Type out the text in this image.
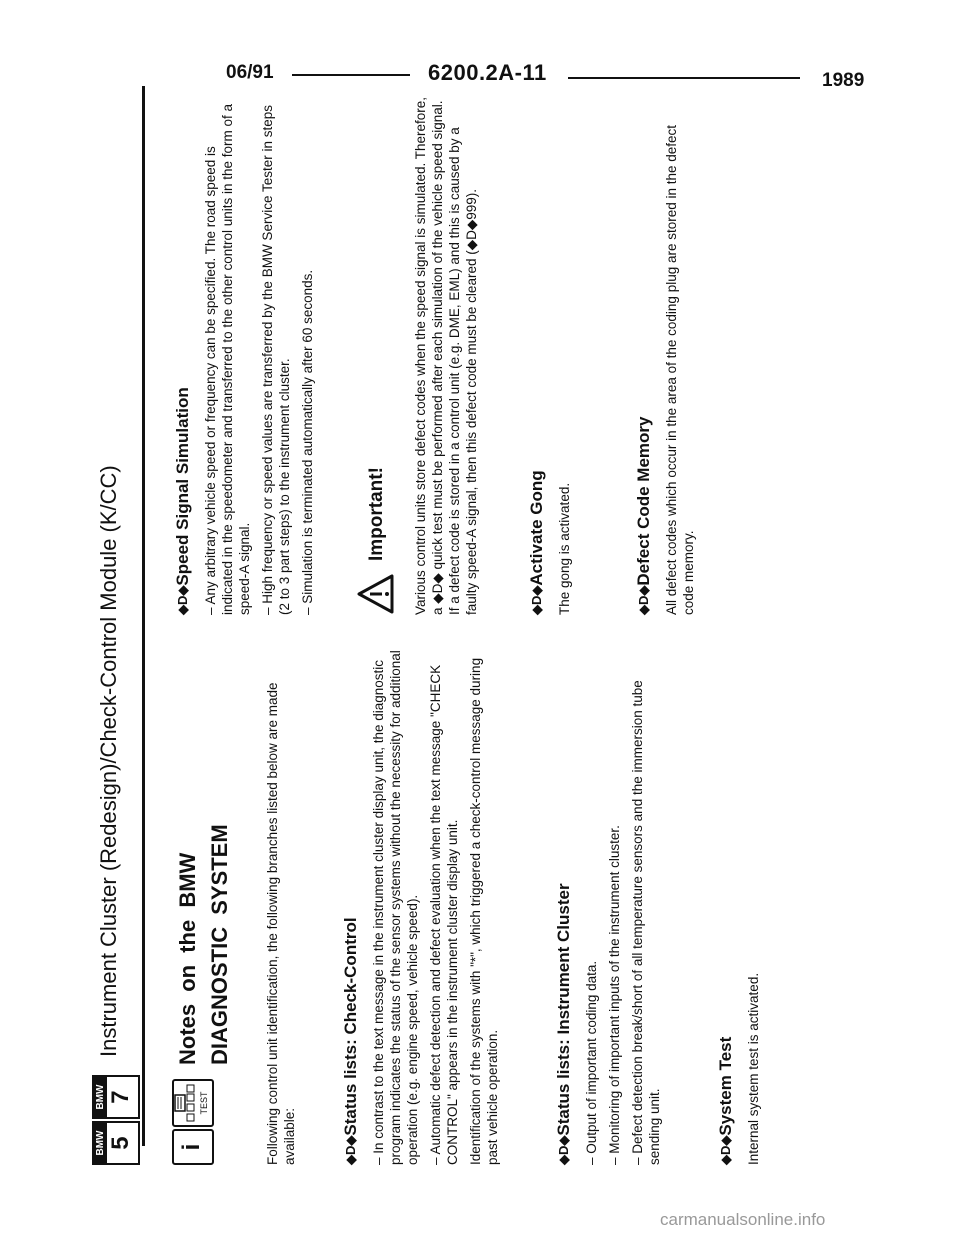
06/91	6200.2A-11	1989
BMW 5
BMW 7
Instrument Cluster (Redesign)/Check-Control Module (K/CC)
i
TEST
Notes on the BMW DIAGNOSTIC SYSTEM Following control unit identification, the following branches listed below are made available:	◆D◆Status lists: Check-Control – In contrast to the text message in the instrument cluster display unit, the diagnostic program indicates the status of the sensor systems without the necessity for additional operation (e.g. engine speed, vehicle speed). – Automatic defect detection and defect evaluation when the text message "CHECK CONTROL" appears in the instrument cluster display unit. Identification of the systems with "*", which triggered a check-control message during past vehicle operation.	◆D◆Status lists: Instrument Cluster – Output of important coding data. – Monitoring of important inputs of the instrument cluster. – Defect detection break/short of all temperature sensors and the immersion tube sending unit.	◆D◆System Test Internal system test is activated.

◆D◆Speed Signal Simulation – Any arbitrary vehicle speed or frequency can be specified. The road speed is indicated in the speedometer and transferred to the other control units in the form of a speed-A signal. – High frequency or speed values are transferred by the BMW Service Tester in steps (2 to 3 part steps) to the instrument cluster. – Simulation is terminated automatically after 60 seconds.	Important! Various control units store defect codes when the speed signal is simulated. Therefore, a ◆D◆ quick test must be performed after each simulation of the vehicle speed signal. If a defect code is stored in a control unit (e.g. DME, EML) and this is caused by a faulty speed-A signal, then this defect code must be cleared (◆D◆999).	◆D◆Activate Gong The gong is activated.	◆D◆Defect Code Memory All defect codes which occur in the area of the coding plug are stored in the defect code memory.

carmanualsonline.info
